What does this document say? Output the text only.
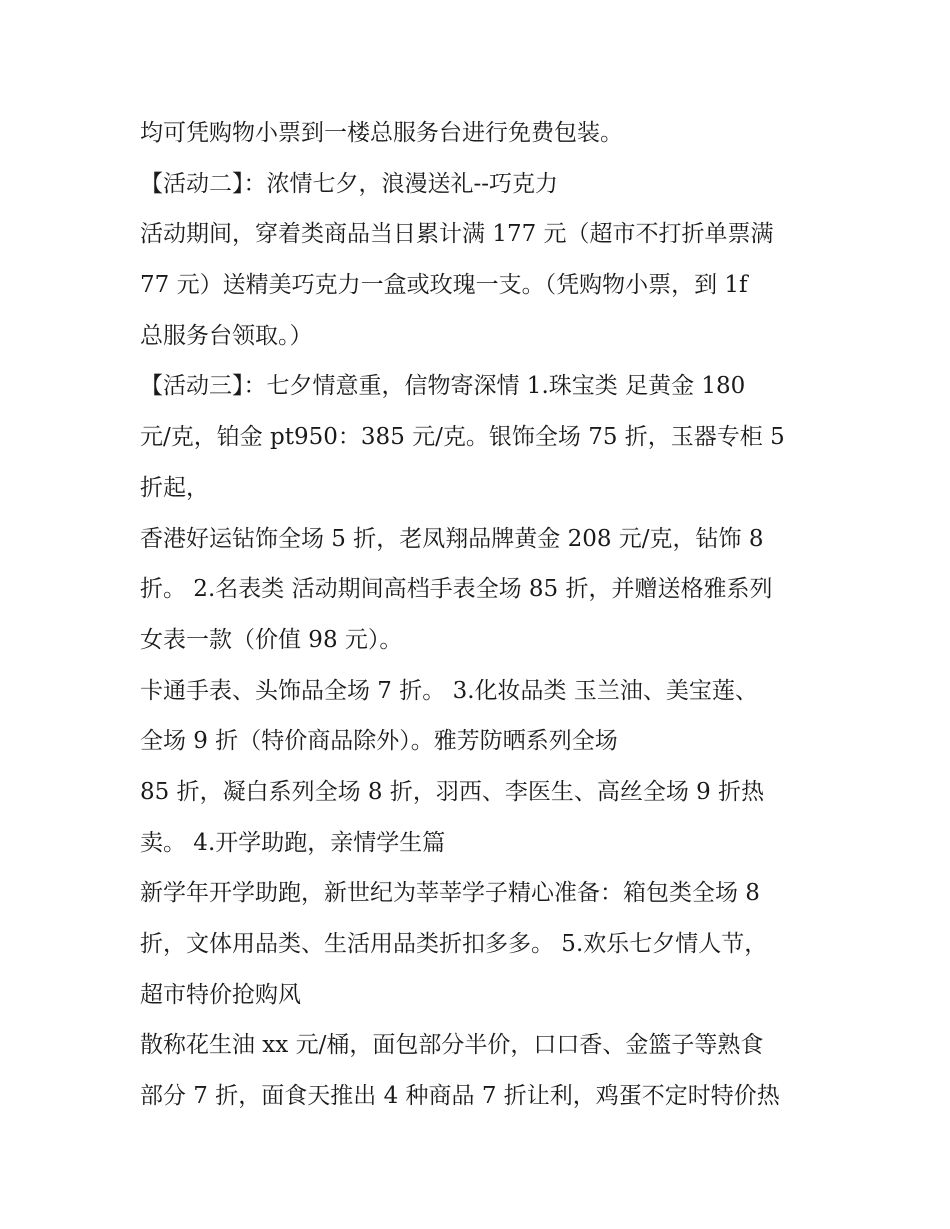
均可凭购物小票到一楼总服务台进行免费包装。
【活动二】：浓情七夕，浪漫送礼--巧克力
活动期间，穿着类商品当日累计满 177 元（超市不打折单票满
77 元）送精美巧克力一盒或玫瑰一支。（凭购物小票，到 1f
总服务台领取。）
【活动三】：七夕情意重，信物寄深情 1.珠宝类 足黄金 180
元/克，铂金 pt950：385 元/克。银饰全场 75 折，玉器专柜 5
折起，
香港好运钻饰全场 5 折，老凤翔品牌黄金 208 元/克，钻饰 8
折。 2.名表类 活动期间高档手表全场 85 折，并赠送格雅系列
女表一款（价值 98 元）。
卡通手表、头饰品全场 7 折。 3.化妆品类 玉兰油、美宝莲、
全场 9 折（特价商品除外）。雅芳防晒系列全场
85 折，凝白系列全场 8 折，羽西、李医生、高丝全场 9 折热
卖。 4.开学助跑，亲情学生篇
新学年开学助跑，新世纪为莘莘学子精心准备：箱包类全场 8
折，文体用品类、生活用品类折扣多多。 5.欢乐七夕情人节，
超市特价抢购风
散称花生油 xx 元/桶，面包部分半价，口口香、金篮子等熟食
部分 7 折，面食天推出 4 种商品 7 折让利，鸡蛋不定时特价热
